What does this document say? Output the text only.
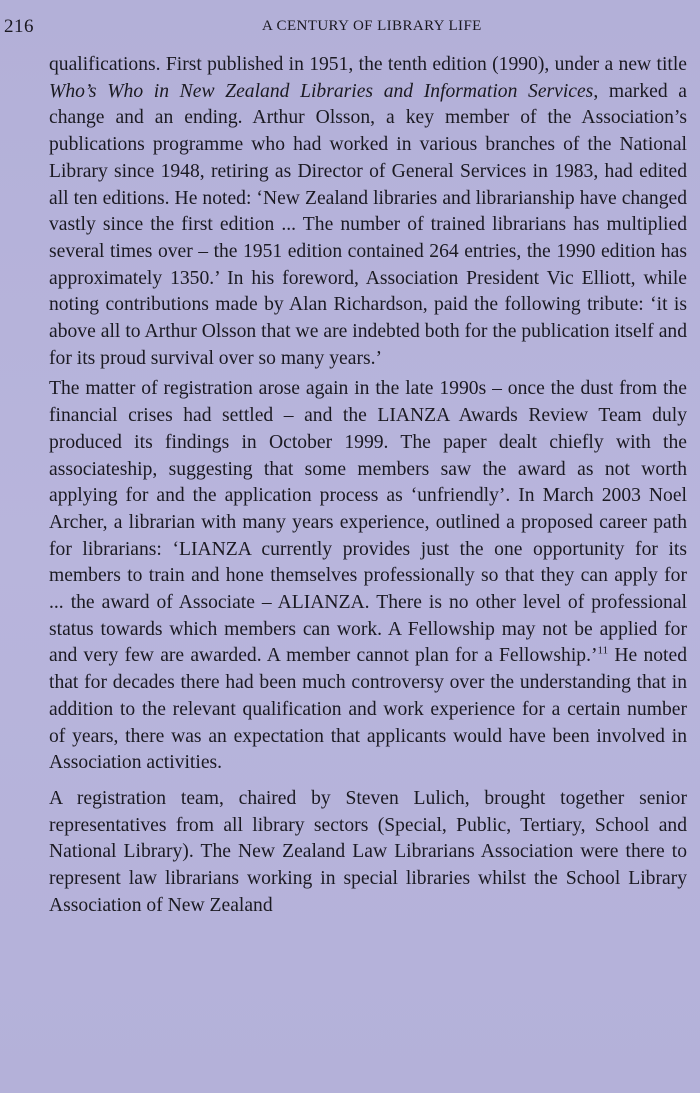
216	A CENTURY OF LIBRARY LIFE

qualifications. First published in 1951, the tenth edition (1990), under a new title Who’s Who in New Zealand Libraries and Information Services, marked a change and an ending. Arthur Olsson, a key member of the Association’s publications programme who had worked in various branches of the National Library since 1948, retiring as Director of General Services in 1983, had edited all ten editions. He noted: ‘New Zealand libraries and librarianship have changed vastly since the first edition ... The number of trained librarians has multiplied several times over – the 1951 edition contained 264 entries, the 1990 edition has approximately 1350.’ In his foreword, Association President Vic Elliott, while noting contributions made by Alan Richardson, paid the following tribute: ‘it is above all to Arthur Olsson that we are indebted both for the publication itself and for its proud survival over so many years.’

The matter of registration arose again in the late 1990s – once the dust from the financial crises had settled – and the LIANZA Awards Review Team duly produced its findings in October 1999. The paper dealt chiefly with the associateship, suggesting that some members saw the award as not worth applying for and the application process as ‘unfriendly’. In March 2003 Noel Archer, a librarian with many years experience, outlined a proposed career path for librarians: ‘LIANZA currently provides just the one opportunity for its members to train and hone themselves professionally so that they can apply for ... the award of Associate – ALIANZA. There is no other level of professional status towards which members can work. A Fellowship may not be applied for and very few are awarded. A member cannot plan for a Fellowship.’$^{11}$ He noted that for decades there had been much controversy over the understanding that in addition to the relevant qualification and work experience for a certain number of years, there was an expectation that applicants would have been involved in Association activities.

A registration team, chaired by Steven Lulich, brought together senior representatives from all library sectors (Special, Public, Tertiary, School and National Library). The New Zealand Law Librarians Association were there to represent law librarians working in special libraries whilst the School Library Association of New Zealand
